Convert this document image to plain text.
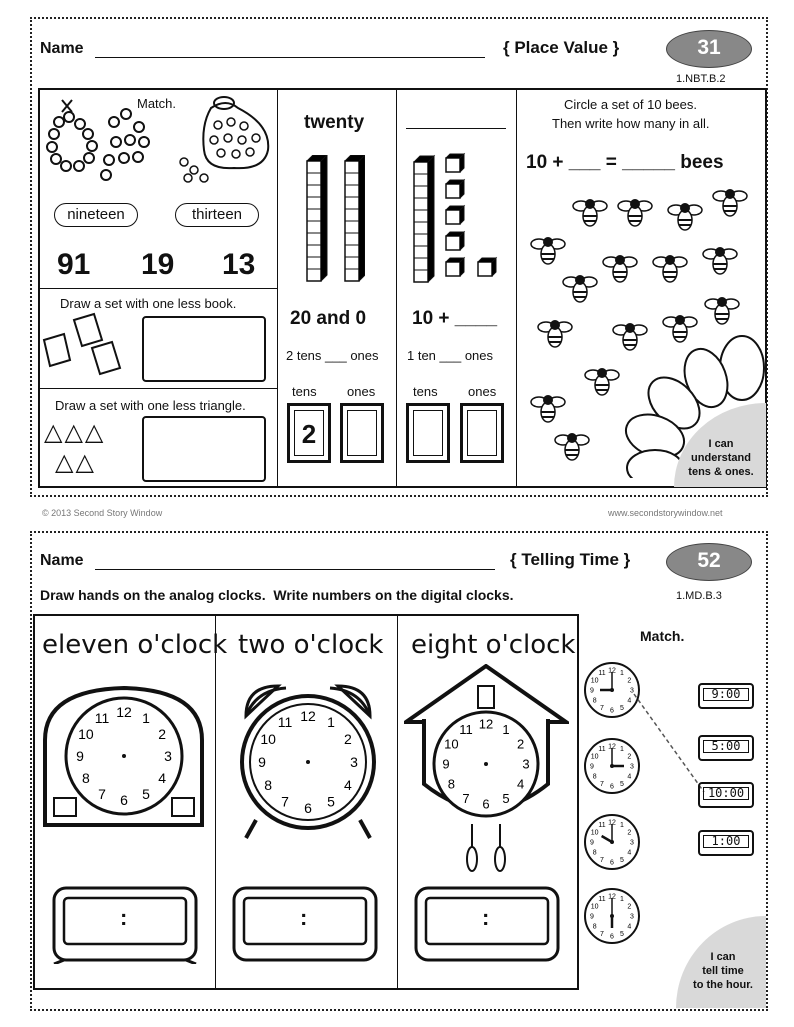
Name	{ Place Value }	31
1.NBT.B.2
Match.
nineteen	thirteen
91 19 13
Draw a set with one less book.
Draw a set with one less triangle.
△△△
△△
twenty
20 and 0
2 tens ___ ones
tens ones
2
10 + ____
1 ten ___ ones
tens ones
Circle a set of 10 bees.
Then write how many in all.
10 + ___ = _____ bees
I can
understand
tens & ones.
© 2013 Second Story Window	www.secondstorywindow.net
Name	{ Telling Time }	52
Draw hands on the analog clocks.  Write numbers on the digital clocks.	1.MD.B.3
eleven o'clock two o'clock eight o'clock
12 1
2
3
4
5
6
7
8
9
10
11	12 1
2
3
4
5
6
7
8
9
10
11	12 1
2
3
4
5
6
7
8
9
10
11
:	:	:
Match.
12 1
2
3
4
5
6
7
8
9
10
11
12 1
2
3
4
5
6
7
8
9
10
11
12 1
2
3
4
5
6
7
8
9
10
11
12 1
2
3
4
5
6
7
8
9
10
11
9:00
5:00
10:00
1:00
I can
tell time
to the hour.
